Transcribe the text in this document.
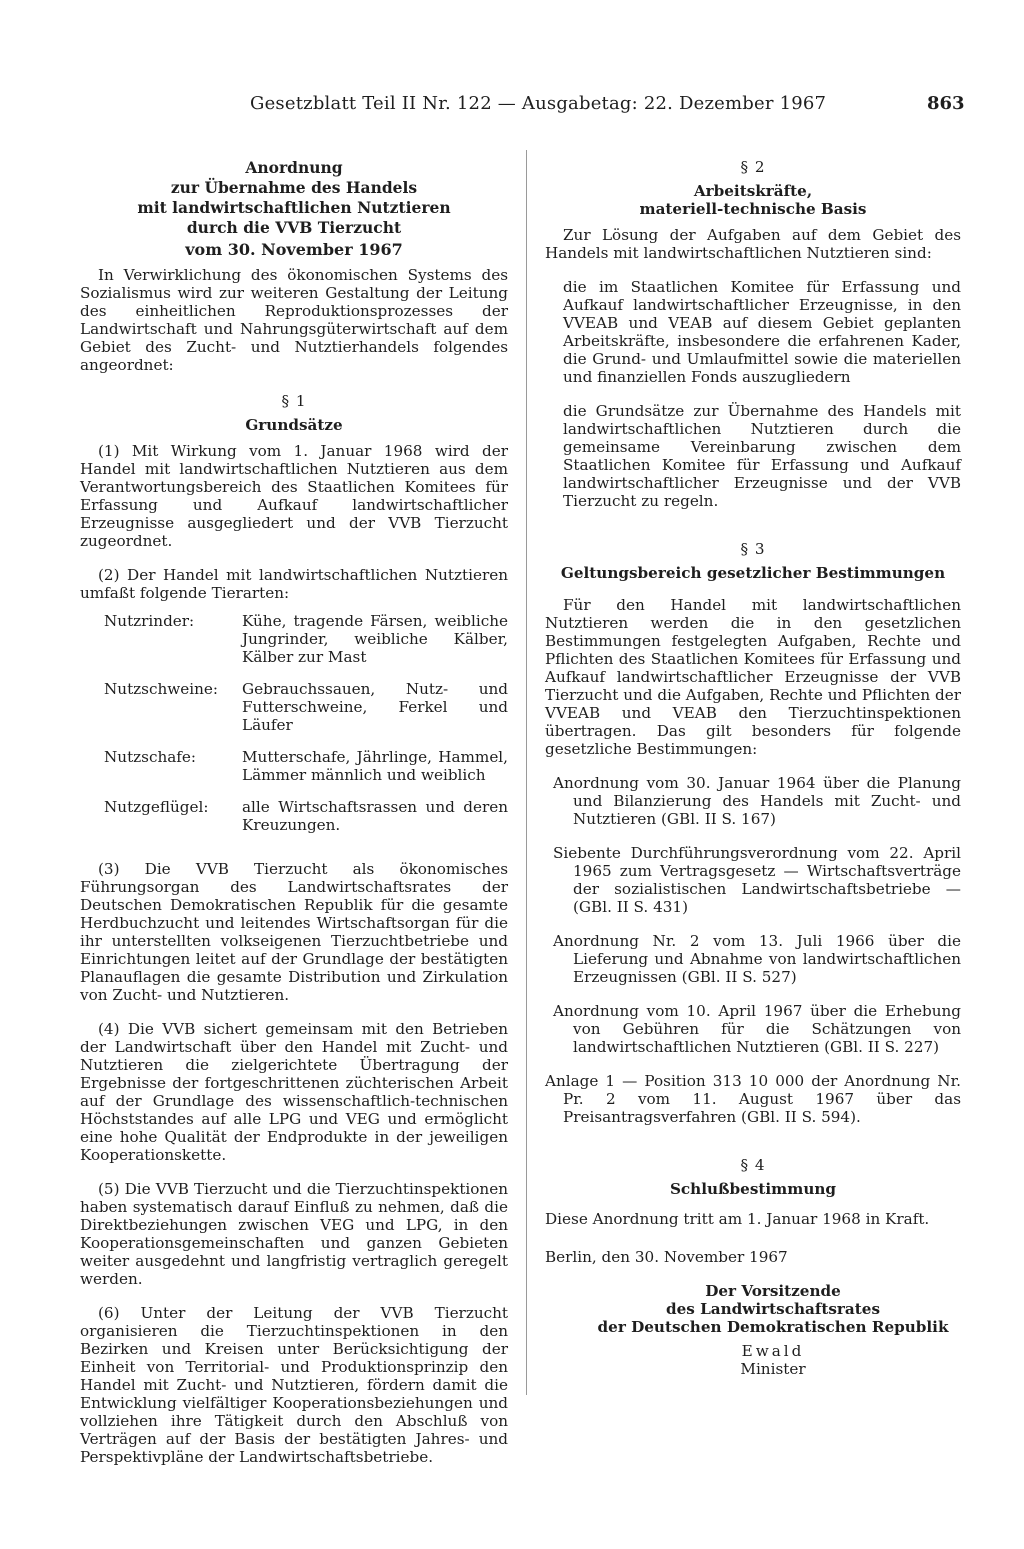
Gesetzblatt Teil II Nr. 122 — Ausgabetag: 22. Dezember 1967	863
Anordnung
zur Übernahme des Handels
mit landwirtschaftlichen Nutztieren
durch die VVB Tierzucht
vom 30. November 1967

In Verwirklichung des ökonomischen Systems des Sozialismus wird zur weiteren Gestaltung der Leitung des einheitlichen Reproduktionsprozesses der Landwirtschaft und Nahrungsgüterwirtschaft auf dem Gebiet des Zucht- und Nutztierhandels folgendes angeordnet:

§ 1
Grundsätze

(1) Mit Wirkung vom 1. Januar 1968 wird der Handel mit landwirtschaftlichen Nutztieren aus dem Verantwortungsbereich des Staatlichen Komitees für Erfassung und Aufkauf landwirtschaftlicher Erzeugnisse ausgegliedert und der VVB Tierzucht zugeordnet.

(2) Der Handel mit landwirtschaftlichen Nutztieren umfaßt folgende Tierarten:

Nutzrinder:	Kühe, tragende Färsen, weibliche Jungrinder, weibliche Kälber, Kälber zur Mast
Nutzschweine:	Gebrauchssauen, Nutz- und Futterschweine, Ferkel und Läufer
Nutzschafe:	Mutterschafe, Jährlinge, Hammel, Lämmer männlich und weiblich
Nutzgeflügel:	alle Wirtschaftsrassen und deren Kreuzungen.

(3) Die VVB Tierzucht als ökonomisches Führungsorgan des Landwirtschaftsrates der Deutschen Demokratischen Republik für die gesamte Herdbuchzucht und leitendes Wirtschaftsorgan für die ihr unterstellten volkseigenen Tierzuchtbetriebe und Einrichtungen leitet auf der Grundlage der bestätigten Planauflagen die gesamte Distribution und Zirkulation von Zucht- und Nutztieren.

(4) Die VVB sichert gemeinsam mit den Betrieben der Landwirtschaft über den Handel mit Zucht- und Nutztieren die zielgerichtete Übertragung der Ergebnisse der fortgeschrittenen züchterischen Arbeit auf der Grundlage des wissenschaftlich-technischen Höchststandes auf alle LPG und VEG und ermöglicht eine hohe Qualität der Endprodukte in der jeweiligen Kooperationskette.

(5) Die VVB Tierzucht und die Tierzuchtinspektionen haben systematisch darauf Einfluß zu nehmen, daß die Direktbeziehungen zwischen VEG und LPG, in den Kooperationsgemeinschaften und ganzen Gebieten weiter ausgedehnt und langfristig vertraglich geregelt werden.

(6) Unter der Leitung der VVB Tierzucht organisieren die Tierzuchtinspektionen in den Bezirken und Kreisen unter Berücksichtigung der Einheit von Territorial- und Produktionsprinzip den Handel mit Zucht- und Nutztieren, fördern damit die Entwicklung vielfältiger Kooperationsbeziehungen und vollziehen ihre Tätigkeit durch den Abschluß von Verträgen auf der Basis der bestätigten Jahres- und Perspektivpläne der Landwirtschaftsbetriebe.

§ 2
Arbeitskräfte,
materiell-technische Basis

Zur Lösung der Aufgaben auf dem Gebiet des Handels mit landwirtschaftlichen Nutztieren sind:

die im Staatlichen Komitee für Erfassung und Aufkauf landwirtschaftlicher Erzeugnisse, in den VVEAB und VEAB auf diesem Gebiet geplanten Arbeitskräfte, insbesondere die erfahrenen Kader, die Grund- und Umlaufmittel sowie die materiellen und finanziellen Fonds auszugliedern

die Grundsätze zur Übernahme des Handels mit landwirtschaftlichen Nutztieren durch die gemeinsame Vereinbarung zwischen dem Staatlichen Komitee für Erfassung und Aufkauf landwirtschaftlicher Erzeugnisse und der VVB Tierzucht zu regeln.

§ 3
Geltungsbereich gesetzlicher Bestimmungen

Für den Handel mit landwirtschaftlichen Nutztieren werden die in den gesetzlichen Bestimmungen festgelegten Aufgaben, Rechte und Pflichten des Staatlichen Komitees für Erfassung und Aufkauf landwirtschaftlicher Erzeugnisse der VVB Tierzucht und die Aufgaben, Rechte und Pflichten der VVEAB und VEAB den Tierzuchtinspektionen übertragen. Das gilt besonders für folgende gesetzliche Bestimmungen:

Anordnung vom 30. Januar 1964 über die Planung und Bilanzierung des Handels mit Zucht- und Nutztieren (GBl. II S. 167)

Siebente Durchführungsverordnung vom 22. April 1965 zum Vertragsgesetz — Wirtschaftsverträge der sozialistischen Landwirtschaftsbetriebe — (GBl. II S. 431)

Anordnung Nr. 2 vom 13. Juli 1966 über die Lieferung und Abnahme von landwirtschaftlichen Erzeugnissen (GBl. II S. 527)

Anordnung vom 10. April 1967 über die Erhebung von Gebühren für die Schätzungen von landwirtschaftlichen Nutztieren (GBl. II S. 227)

Anlage 1 — Position 313 10 000 der Anordnung Nr. Pr. 2 vom 11. August 1967 über das Preisantragsverfahren (GBl. II S. 594).

§ 4
Schlußbestimmung

Diese Anordnung tritt am 1. Januar 1968 in Kraft.

Berlin, den 30. November 1967

Der Vorsitzende
des Landwirtschaftsrates
der Deutschen Demokratischen Republik
Ewald
Minister
